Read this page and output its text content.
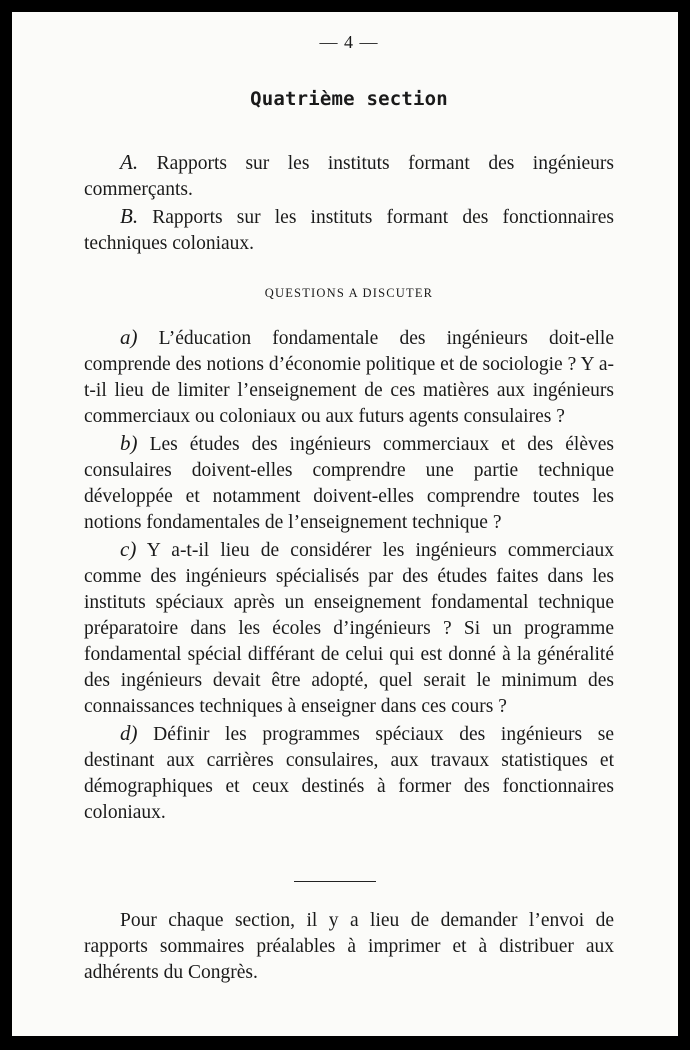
— 4 —
Quatrième section

A. Rapports sur les instituts formant des ingénieurs commerçants.

B. Rapports sur les instituts formant des fonctionnaires techniques coloniaux.

QUESTIONS A DISCUTER

a) L’éducation fondamentale des ingénieurs doit-elle comprende des notions d’économie politique et de sociologie ? Y a-t-il lieu de limiter l’enseignement de ces matières aux ingénieurs commerciaux ou coloniaux ou aux futurs agents consulaires ?

b) Les études des ingénieurs commerciaux et des élèves consulaires doivent-elles comprendre une partie technique développée et notamment doivent-elles comprendre toutes les notions fondamentales de l’enseignement technique ?

c) Y a-t-il lieu de considérer les ingénieurs commerciaux comme des ingénieurs spécialisés par des études faites dans les instituts spéciaux après un enseignement fondamental technique préparatoire dans les écoles d’ingénieurs ? Si un programme fondamental spécial différant de celui qui est donné à la généralité des ingénieurs devait être adopté, quel serait le minimum des connaissances techniques à enseigner dans ces cours ?

d) Définir les programmes spéciaux des ingénieurs se destinant aux carrières consulaires, aux travaux statistiques et démographiques et ceux destinés à former des fonctionnaires coloniaux.

Pour chaque section, il y a lieu de demander l’envoi de rapports sommaires préalables à imprimer et à distribuer aux adhérents du Congrès.
